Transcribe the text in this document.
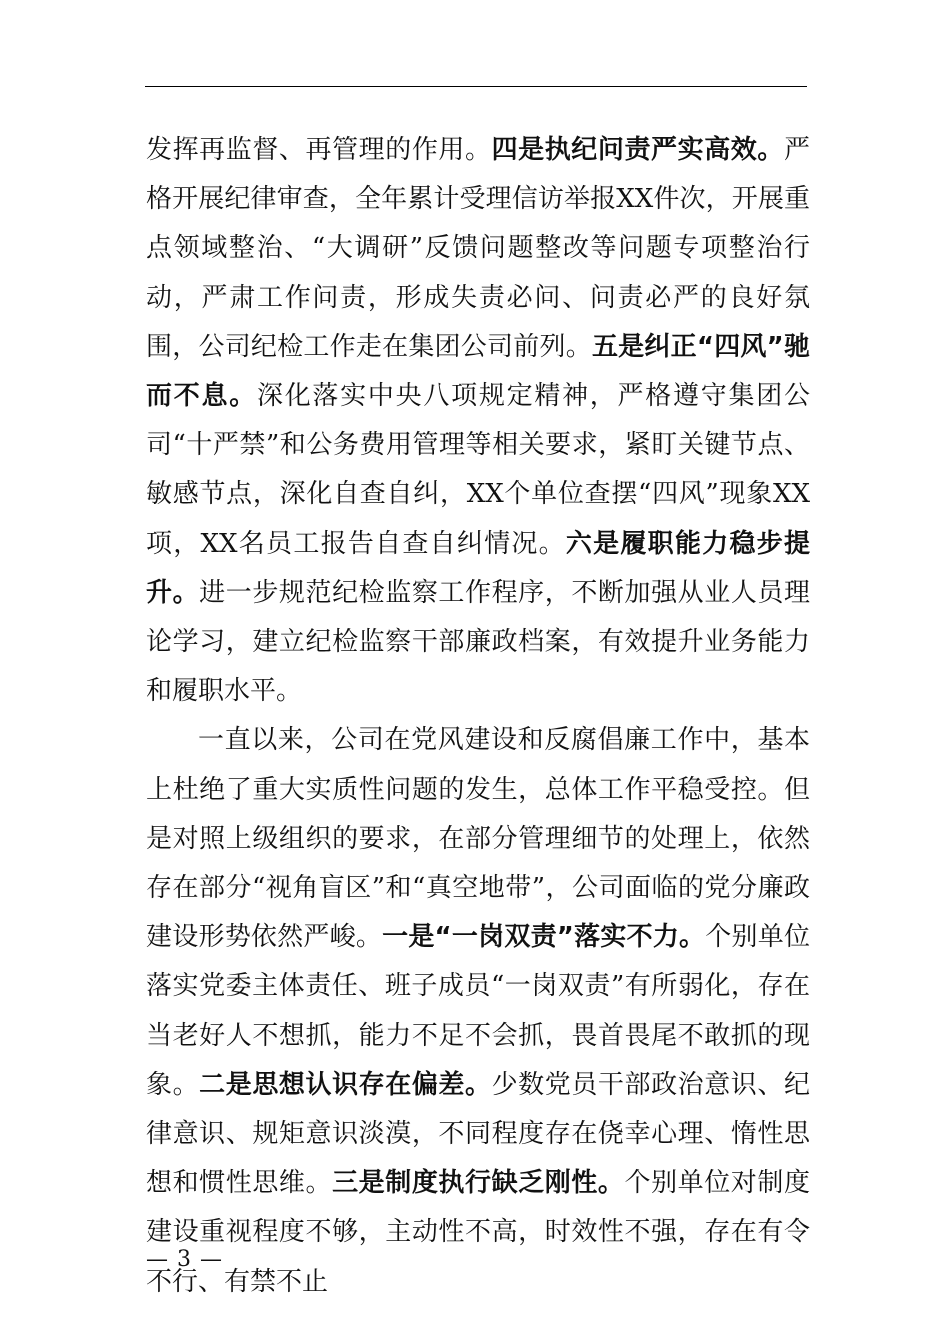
发挥再监督、再管理的作用。四是执纪问责严实高效。严格开展纪律审查，全年累计受理信访举报XX件次，开展重点领域整治、“大调研”反馈问题整改等问题专项整治行动，严肃工作问责，形成失责必问、问责必严的良好氛围，公司纪检工作走在集团公司前列。五是纠正“四风”驰而不息。深化落实中央八项规定精神，严格遵守集团公司“十严禁”和公务费用管理等相关要求，紧盯关键节点、敏感节点，深化自查自纠，XX个单位查摆“四风”现象XX项，XX名员工报告自查自纠情况。六是履职能力稳步提升。进一步规范纪检监察工作程序，不断加强从业人员理论学习，建立纪检监察干部廉政档案，有效提升业务能力和履职水平。

一直以来，公司在党风建设和反腐倡廉工作中，基本上杜绝了重大实质性问题的发生，总体工作平稳受控。但是对照上级组织的要求，在部分管理细节的处理上，依然存在部分“视角盲区”和“真空地带”，公司面临的党分廉政建设形势依然严峻。一是“一岗双责”落实不力。个别单位落实党委主体责任、班子成员“一岗双责”有所弱化，存在当老好人不想抓，能力不足不会抓，畏首畏尾不敢抓的现象。二是思想认识存在偏差。少数党员干部政治意识、纪律意识、规矩意识淡漠，不同程度存在侥幸心理、惰性思想和惯性思维。三是制度执行缺乏刚性。个别单位对制度建设重视程度不够，主动性不高，时效性不强，存在有令不行、有禁不止

— 3 —
